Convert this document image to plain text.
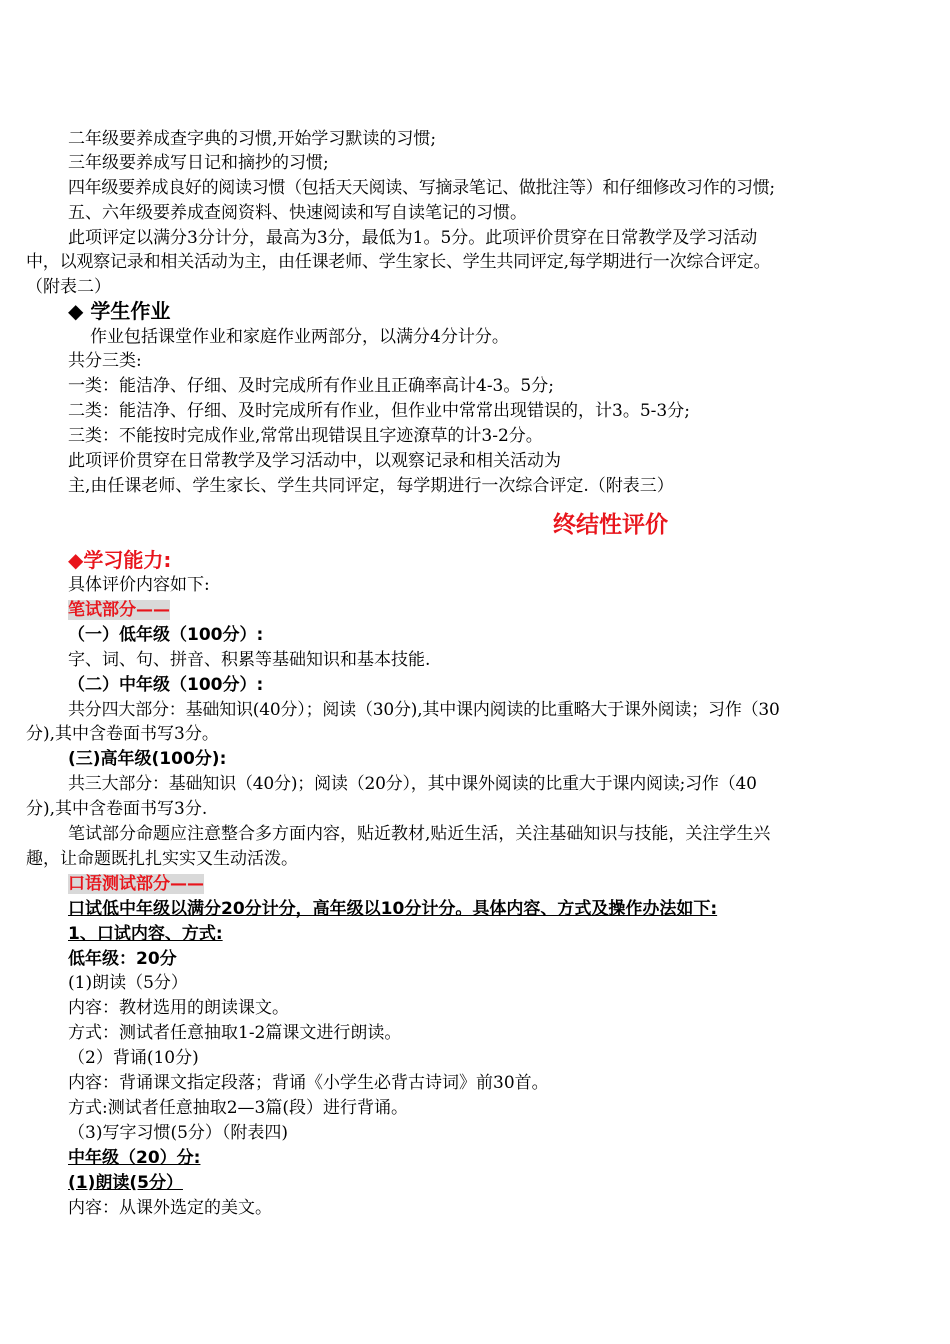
二年级要养成查字典的习惯,开始学习默读的习惯;
三年级要养成写日记和摘抄的习惯;
四年级要养成良好的阅读习惯（包括天天阅读、写摘录笔记、做批注等）和仔细修改习作的习惯;
五、六年级要养成查阅资料、快速阅读和写自读笔记的习惯。
此项评定以满分3分计分，最高为3分，最低为1。5分。此项评价贯穿在日常教学及学习活动
中，以观察记录和相关活动为主，由任课老师、学生家长、学生共同评定,每学期进行一次综合评定。
（附表二）
◆ 学生作业
作业包括课堂作业和家庭作业两部分，以满分4分计分。
共分三类:
一类：能洁净、仔细、及时完成所有作业且正确率高计4-3。5分;
二类：能洁净、仔细、及时完成所有作业，但作业中常常出现错误的，计3。5-3分;
三类：不能按时完成作业,常常出现错误且字迹潦草的计3-2分。
此项评价贯穿在日常教学及学习活动中，以观察记录和相关活动为
主,由任课老师、学生家长、学生共同评定，每学期进行一次综合评定.（附表三）
终结性评价
◆学习能力:
具体评价内容如下:
笔试部分——
（一）低年级（100分）:
字、词、句、拼音、积累等基础知识和基本技能.
（二）中年级（100分）:
共分四大部分：基础知识(40分）；阅读（30分),其中课内阅读的比重略大于课外阅读；习作（30
分),其中含卷面书写3分。
(三)高年级(100分):
共三大部分：基础知识（40分)；阅读（20分），其中课外阅读的比重大于课内阅读;习作（40
分),其中含卷面书写3分.
笔试部分命题应注意整合多方面内容，贴近教材,贴近生活，关注基础知识与技能，关注学生兴
趣，让命题既扎扎实实又生动活泼。
口语测试部分——
口试低中年级以满分20分计分，高年级以10分计分。具体内容、方式及操作办法如下:
1、口试内容、方式:
低年级：20分
(1)朗读（5分）
内容：教材选用的朗读课文。
方式：测试者任意抽取1-2篇课文进行朗读。
（2）背诵(10分)
内容：背诵课文指定段落；背诵《小学生必背古诗词》前30首。
方式:测试者任意抽取2—3篇(段）进行背诵。
（3)写字习惯(5分）（附表四)
中年级（20）分:
(1)朗读(5分）
内容：从课外选定的美文。
